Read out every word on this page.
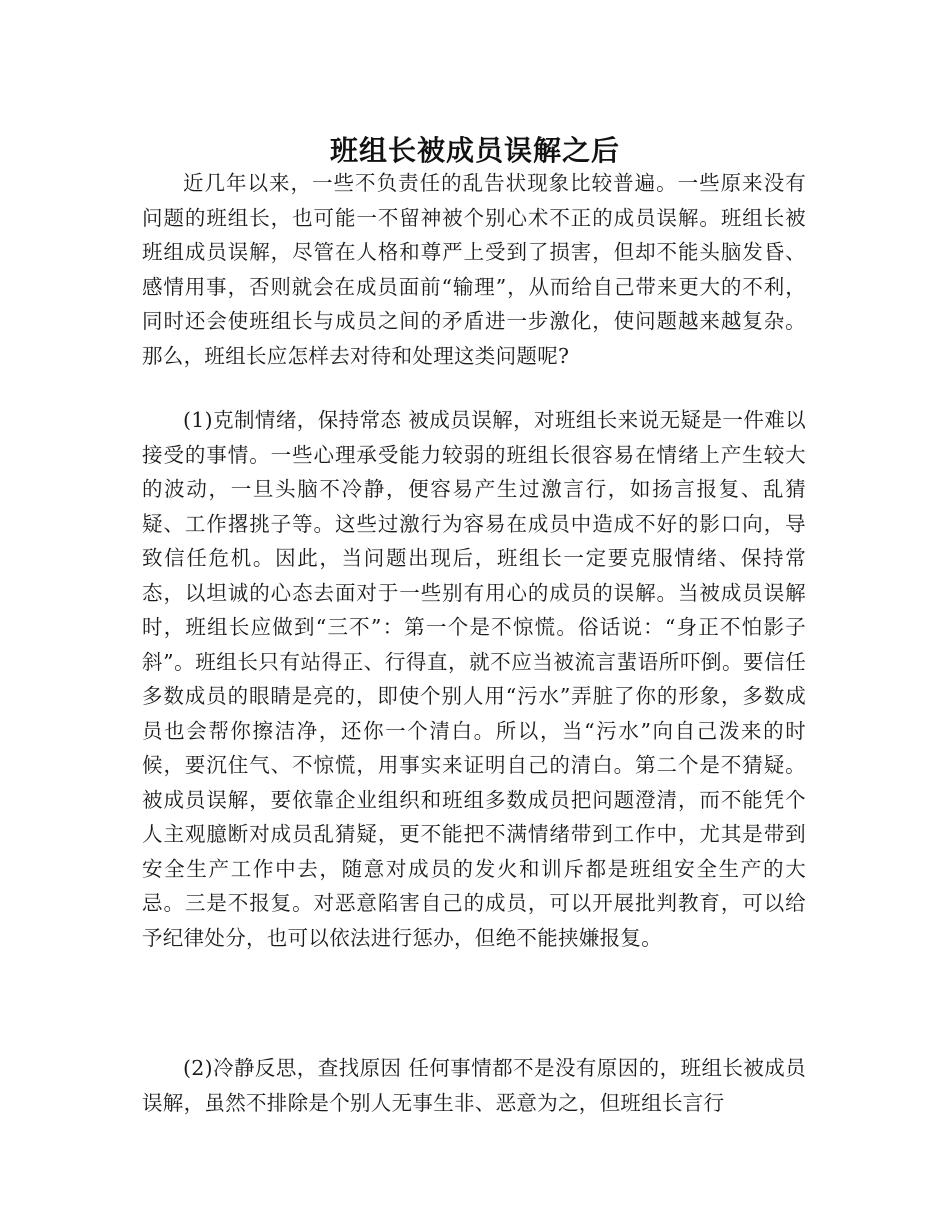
班组长被成员误解之后

近几年以来，一些不负责任的乱告状现象比较普遍。一些原来没有问题的班组长，也可能一不留神被个别心术不正的成员误解。班组长被班组成员误解，尽管在人格和尊严上受到了损害，但却不能头脑发昏、感情用事，否则就会在成员面前“输理”，从而给自己带来更大的不利，同时还会使班组长与成员之间的矛盾进一步激化，使问题越来越复杂。那么，班组长应怎样去对待和处理这类问题呢?

(1)克制情绪，保持常态 被成员误解，对班组长来说无疑是一件难以接受的事情。一些心理承受能力较弱的班组长很容易在情绪上产生较大的波动，一旦头脑不冷静，便容易产生过激言行，如扬言报复、乱猜疑、工作撂挑子等。这些过激行为容易在成员中造成不好的影口向，导致信任危机。因此，当问题出现后，班组长一定要克服情绪、保持常态，以坦诚的心态去面对于一些别有用心的成员的误解。当被成员误解时，班组长应做到“三不”：第一个是不惊慌。俗话说：“身正不怕影子斜”。班组长只有站得正、行得直，就不应当被流言蜚语所吓倒。要信任多数成员的眼睛是亮的，即使个别人用“污水”弄脏了你的形象，多数成员也会帮你擦洁净，还你一个清白。所以，当“污水”向自己泼来的时候，要沉住气、不惊慌，用事实来证明自己的清白。第二个是不猜疑。被成员误解，要依靠企业组织和班组多数成员把问题澄清，而不能凭个人主观臆断对成员乱猜疑，更不能把不满情绪带到工作中，尤其是带到安全生产工作中去，随意对成员的发火和训斥都是班组安全生产的大忌。三是不报复。对恶意陷害自己的成员，可以开展批判教育，可以给予纪律处分，也可以依法进行惩办，但绝不能挟嫌报复。

(2)冷静反思，查找原因 任何事情都不是没有原因的，班组长被成员误解，虽然不排除是个别人无事生非、恶意为之，但班组长言行
